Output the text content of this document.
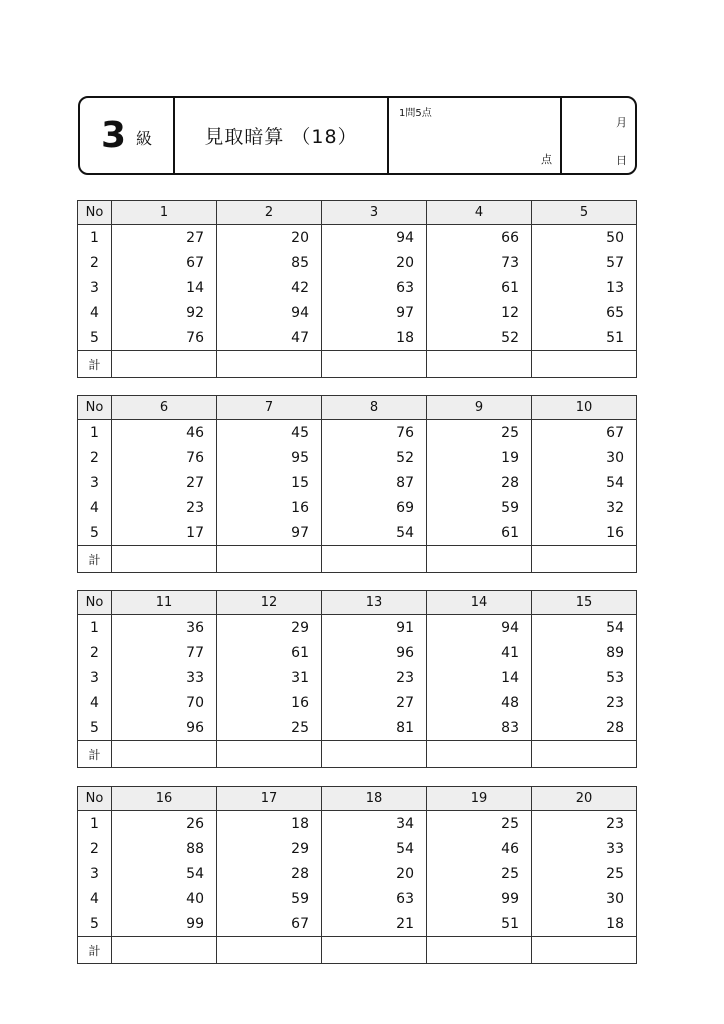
3 級	見取暗算 （18）
1問5点
点
月
日
No	1	2	3	4	5
1	27	20	94	66	50
2	67	85	20	73	57
3	14	42	63	61	13
4	92	94	97	12	65
5	76	47	18	52	51
計					
No	6	7	8	9	10
1	46	45	76	25	67
2	76	95	52	19	30
3	27	15	87	28	54
4	23	16	69	59	32
5	17	97	54	61	16
計					
No	11	12	13	14	15
1	36	29	91	94	54
2	77	61	96	41	89
3	33	31	23	14	53
4	70	16	27	48	23
5	96	25	81	83	28
計					
No	16	17	18	19	20
1	26	18	34	25	23
2	88	29	54	46	33
3	54	28	20	25	25
4	40	59	63	99	30
5	99	67	21	51	18
計					
